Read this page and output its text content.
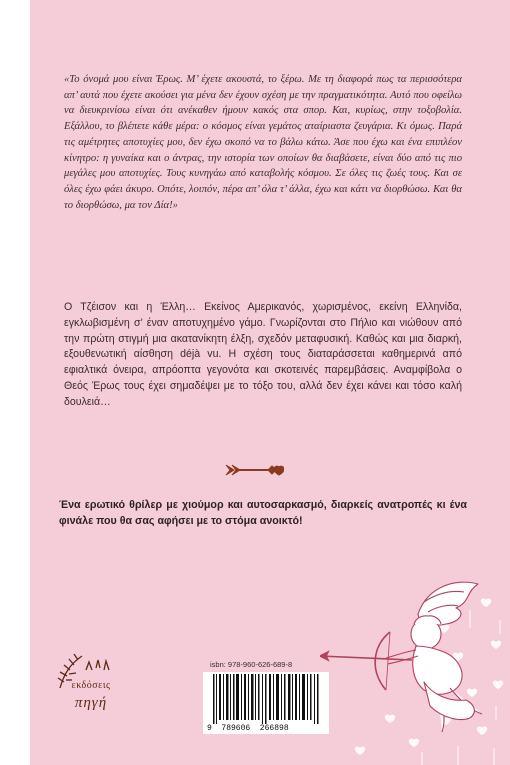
«Το όνομά μου είναι Έρως. Μ’ έχετε ακουστά, το ξέρω. Με τη διαφορά πως τα περισσότερα απ’ αυτά που έχετε ακούσει για μένα δεν έχουν σχέση με την πραγματικότητα. Αυτό που οφείλω να διευκρινίσω είναι ότι ανέκαθεν ήμουν κακός στα σπορ. Και, κυρίως, στην τοξοβολία. Εξάλλου, το βλέπετε κάθε μέρα: ο κόσμος είναι γεμάτος αταίριαστα ζευγάρια. Κι όμως. Παρά τις αμέτρητες αποτυχίες μου, δεν έχω σκοπό να το βάλω κάτω. Άσε που έχω και ένα επιπλέον κίνητρο: η γυναίκα και ο άντρας, την ιστορία των οποίων θα διαβάσετε, είναι δύο από τις πιο μεγάλες μου αποτυχίες. Τους κυνηγάω από καταβολής κόσμου. Σε όλες τις ζωές τους. Και σε όλες έχω φάει άκυρο. Οπότε, λοιπόν, πέρα απ’ όλα τ’ άλλα, έχω και κάτι να διορθώσω. Και θα το διορθώσω, μα τον Δία!»

Ο Τζέισον και η Έλλη… Εκείνος Αμερικανός, χωρισμένος, εκείνη Ελληνίδα, εγκλωβισμένη σ’ έναν αποτυχημένο γάμο. Γνωρίζονται στο Πήλιο και νιώθουν από την πρώτη στιγμή μια ακατανίκητη έλξη, σχεδόν μεταφυσική. Καθώς και μια διαρκή, εξουθενωτική αίσθηση déjà vu. Η σχέση τους διαταράσσεται καθημερινά από εφιαλτικά όνειρα, απρόοπτα γεγονότα και σκοτεινές παρεμβάσεις. Αναμφίβολα ο Θεός Έρως τους έχει σημαδέψει με το τόξο του, αλλά δεν έχει κάνει και τόσο καλή δουλειά…

Ένα ερωτικό θρίλερ με χιούμορ και αυτοσαρκασμό, διαρκείς ανατροπές κι ένα φινάλε που θα σας αφήσει με το στόμα ανοικτό!

εκδόσεις
πηγή
isbn: 978-960-626-689-8
9  789606  266898
